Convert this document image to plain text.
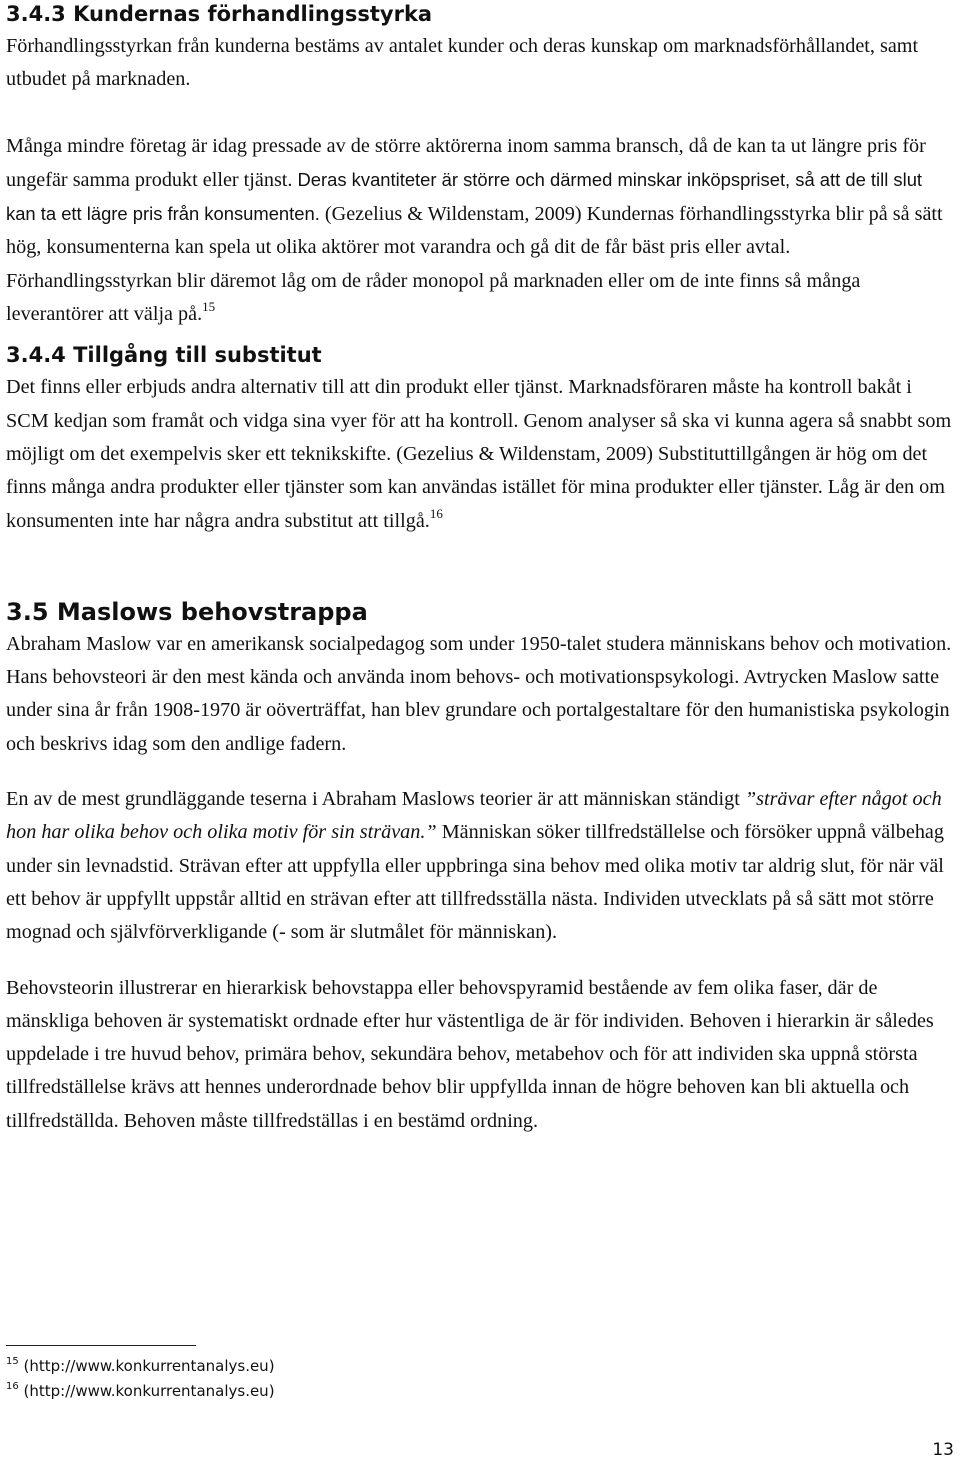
3.4.3 Kundernas förhandlingsstyrka

Förhandlingsstyrkan från kunderna bestäms av antalet kunder och deras kunskap om marknadsförhållandet, samt utbudet på marknaden.

Många mindre företag är idag pressade av de större aktörerna inom samma bransch, då de kan ta ut längre pris för ungefär samma produkt eller tjänst. Deras kvantiteter är större och därmed minskar inköpspriset, så att de till slut kan ta ett lägre pris från konsumenten. (Gezelius & Wildenstam, 2009) Kundernas förhandlingsstyrka blir på så sätt hög, konsumenterna kan spela ut olika aktörer mot varandra och gå dit de får bäst pris eller avtal. Förhandlingsstyrkan blir däremot låg om de råder monopol på marknaden eller om de inte finns så många leverantörer att välja på.$^{15}$

3.4.4 Tillgång till substitut

Det finns eller erbjuds andra alternativ till att din produkt eller tjänst. Marknadsföraren måste ha kontroll bakåt i SCM kedjan som framåt och vidga sina vyer för att ha kontroll. Genom analyser så ska vi kunna agera så snabbt som möjligt om det exempelvis sker ett teknikskifte. (Gezelius & Wildenstam, 2009) Substituttillgången är hög om det finns många andra produkter eller tjänster som kan användas istället för mina produkter eller tjänster. Låg är den om konsumenten inte har några andra substitut att tillgå.$^{16}$

3.5 Maslows behovstrappa

Abraham Maslow var en amerikansk socialpedagog som under 1950-talet studera människans behov och motivation. Hans behovsteori är den mest kända och använda inom behovs- och motivationspsykologi. Avtrycken Maslow satte under sina år från 1908-1970 är oöverträffat, han blev grundare och portalgestaltare för den humanistiska psykologin och beskrivs idag som den andlige fadern.

En av de mest grundläggande teserna i Abraham Maslows teorier är att människan ständigt ”strävar efter något och hon har olika behov och olika motiv för sin strävan.” Människan söker tillfredställelse och försöker uppnå välbehag under sin levnadstid. Strävan efter att uppfylla eller uppbringa sina behov med olika motiv tar aldrig slut, för när väl ett behov är uppfyllt uppstår alltid en strävan efter att tillfredsställa nästa. Individen utvecklats på så sätt mot större mognad och självförverkligande (- som är slutmålet för människan).

Behovsteorin illustrerar en hierarkisk behovstappa eller behovspyramid bestående av fem olika faser, där de mänskliga behoven är systematiskt ordnade efter hur västentliga de är för individen. Behoven i hierarkin är således uppdelade i tre huvud behov, primära behov, sekundära behov, metabehov och för att individen ska uppnå största tillfredställelse krävs att hennes underordnade behov blir uppfyllda innan de högre behoven kan bli aktuella och tillfredställda. Behoven måste tillfredställas i en bestämd ordning.

$^{15}$ (http://www.konkurrentanalys.eu)
$^{16}$ (http://www.konkurrentanalys.eu)
13
